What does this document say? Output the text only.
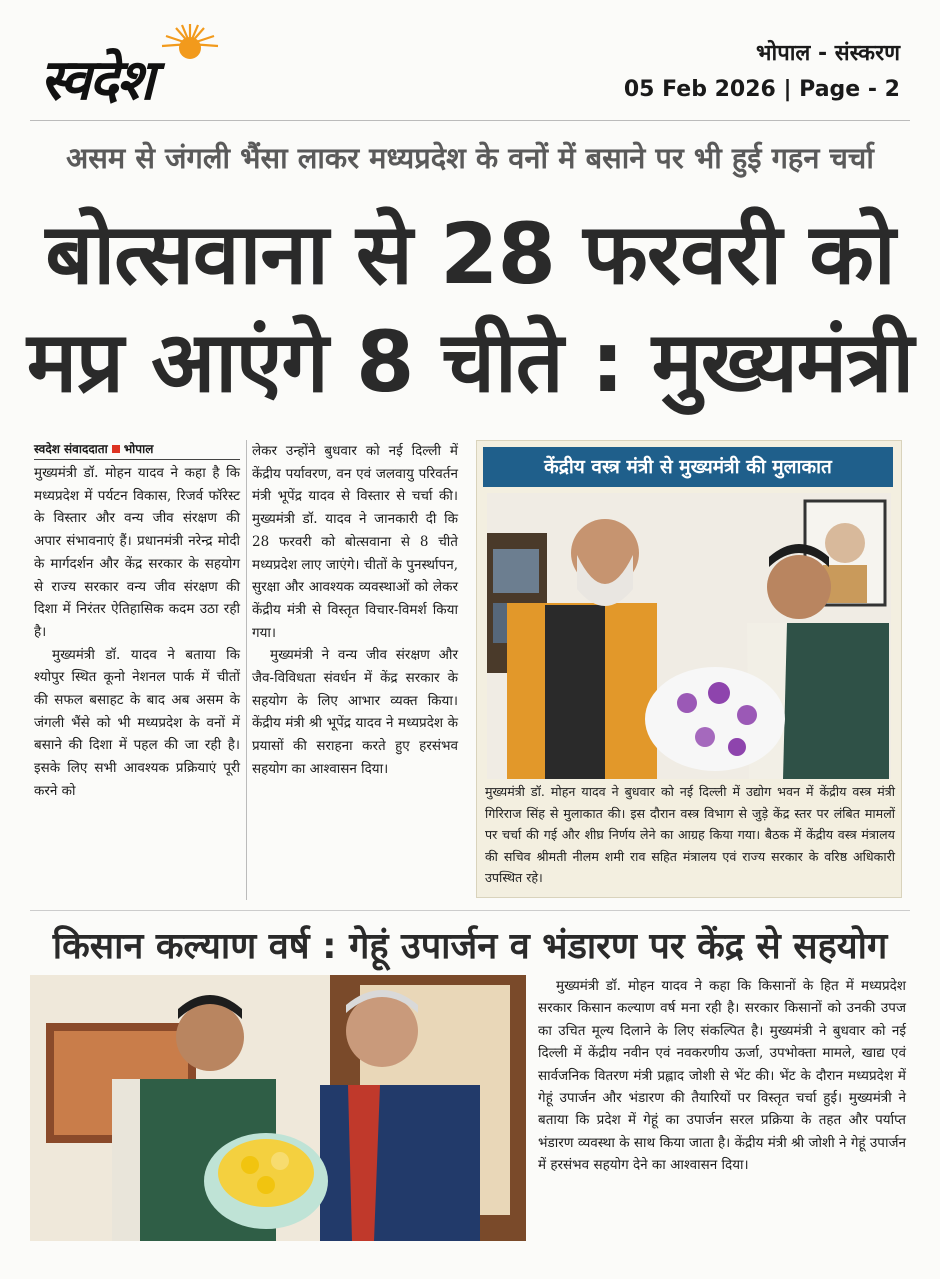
स्वदेश	भोपाल - संस्करण
05 Feb 2026 | Page - 2
असम से जंगली भैंसा लाकर मध्यप्रदेश के वनों में बसाने पर भी हुई गहन चर्चा
बोत्सवाना से 28 फरवरी को
मप्र आएंगे 8 चीते : मुख्यमंत्री
स्वदेश संवाददाता भोपाल

मुख्यमंत्री डॉ. मोहन यादव ने कहा है कि मध्यप्रदेश में पर्यटन विकास, रिजर्व फॉरेस्ट के विस्तार और वन्य जीव संरक्षण की अपार संभावनाएं हैं। प्रधानमंत्री नरेन्द्र मोदी के मार्गदर्शन और केंद्र सरकार के सहयोग से राज्य सरकार वन्य जीव संरक्षण की दिशा में निरंतर ऐतिहासिक कदम उठा रही है।

मुख्यमंत्री डॉ. यादव ने बताया कि श्योपुर स्थित कूनो नेशनल पार्क में चीतों की सफल बसाहट के बाद अब असम के जंगली भैंसे को भी मध्यप्रदेश के वनों में बसाने की दिशा में पहल की जा रही है। इसके लिए सभी आवश्यक प्रक्रियाएं पूरी करने को

लेकर उन्होंने बुधवार को नई दिल्ली में केंद्रीय पर्यावरण, वन एवं जलवायु परिवर्तन मंत्री भूपेंद्र यादव से विस्तार से चर्चा की। मुख्यमंत्री डॉ. यादव ने जानकारी दी कि 28 फरवरी को बोत्सवाना से 8 चीते मध्यप्रदेश लाए जाएंगे। चीतों के पुनर्स्थापन, सुरक्षा और आवश्यक व्यवस्थाओं को लेकर केंद्रीय मंत्री से विस्तृत विचार-विमर्श किया गया।

मुख्यमंत्री ने वन्य जीव संरक्षण और जैव-विविधता संवर्धन में केंद्र सरकार के सहयोग के लिए आभार व्यक्त किया। केंद्रीय मंत्री श्री भूपेंद्र यादव ने मध्यप्रदेश के प्रयासों की सराहना करते हुए हरसंभव सहयोग का आश्वासन दिया।

केंद्रीय वस्त्र मंत्री से मुख्यमंत्री की मुलाकात
मुख्यमंत्री डॉ. मोहन यादव ने बुधवार को नई दिल्ली में उद्योग भवन में केंद्रीय वस्त्र मंत्री गिरिराज सिंह से मुलाकात की। इस दौरान वस्त्र विभाग से जुड़े केंद्र स्तर पर लंबित मामलों पर चर्चा की गई और शीघ्र निर्णय लेने का आग्रह किया गया। बैठक में केंद्रीय वस्त्र मंत्रालय की सचिव श्रीमती नीलम शमी राव सहित मंत्रालय एवं राज्य सरकार के वरिष्ठ अधिकारी उपस्थित रहे।
किसान कल्याण वर्ष : गेहूं उपार्जन व भंडारण पर केंद्र से सहयोग

मुख्यमंत्री डॉ. मोहन यादव ने कहा कि किसानों के हित में मध्यप्रदेश सरकार किसान कल्याण वर्ष मना रही है। सरकार किसानों को उनकी उपज का उचित मूल्य दिलाने के लिए संकल्पित है। मुख्यमंत्री ने बुधवार को नई दिल्ली में केंद्रीय नवीन एवं नवकरणीय ऊर्जा, उपभोक्ता मामले, खाद्य एवं सार्वजनिक वितरण मंत्री प्रह्लाद जोशी से भेंट की। भेंट के दौरान मध्यप्रदेश में गेहूं उपार्जन और भंडारण की तैयारियों पर विस्तृत चर्चा हुई। मुख्यमंत्री ने बताया कि प्रदेश में गेहूं का उपार्जन सरल प्रक्रिया के तहत और पर्याप्त भंडारण व्यवस्था के साथ किया जाता है। केंद्रीय मंत्री श्री जोशी ने गेहूं उपार्जन में हरसंभव सहयोग देने का आश्वासन दिया।
